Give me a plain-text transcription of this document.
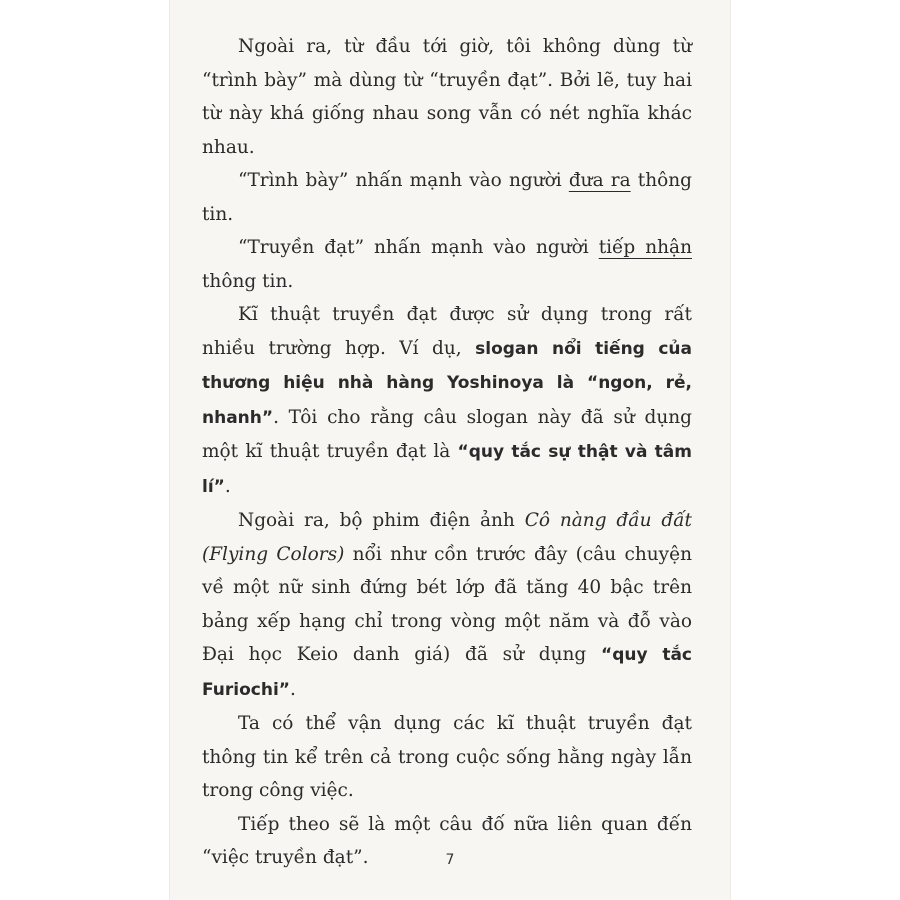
Ngoài ra, từ đầu tới giờ, tôi không dùng từ “trình bày” mà dùng từ “truyền đạt”. Bởi lẽ, tuy hai từ này khá giống nhau song vẫn có nét nghĩa khác nhau.

“Trình bày” nhấn mạnh vào người đưa ra thông tin.

“Truyền đạt” nhấn mạnh vào người tiếp nhận thông tin.

Kĩ thuật truyền đạt được sử dụng trong rất nhiều trường hợp. Ví dụ, slogan nổi tiếng của thương hiệu nhà hàng Yoshinoya là “ngon, rẻ, nhanh”. Tôi cho rằng câu slogan này đã sử dụng một kĩ thuật truyền đạt là “quy tắc sự thật và tâm lí”.

Ngoài ra, bộ phim điện ảnh Cô nàng đầu đất (Flying Colors) nổi như cồn trước đây (câu chuyện về một nữ sinh đứng bét lớp đã tăng 40 bậc trên bảng xếp hạng chỉ trong vòng một năm và đỗ vào Đại học Keio danh giá) đã sử dụng “quy tắc Furiochi”.

Ta có thể vận dụng các kĩ thuật truyền đạt thông tin kể trên cả trong cuộc sống hằng ngày lẫn trong công việc.

Tiếp theo sẽ là một câu đố nữa liên quan đến “việc truyền đạt”.	7
